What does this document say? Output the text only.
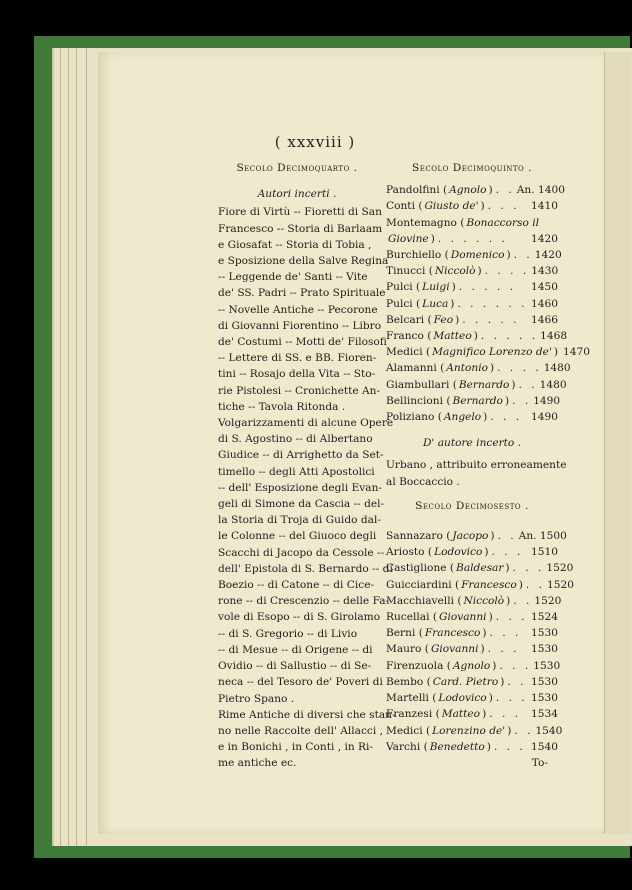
( xxxviii )
Secolo Decimoquarto .
Autori incerti .
Fiore di Virtù -- Fioretti di San
Francesco -- Storia di Barlaam
e Giosafat -- Storia di Tobia ,
e Sposizione della Salve Regina
-- Leggende de' Santi -- Vite
de' SS. Padri -- Prato Spirituale
-- Novelle Antiche -- Pecorone
di Giovanni Fiorentino -- Libro
de' Costumi -- Motti de' Filosofi
-- Lettere di SS. e BB. Fioren-
tini -- Rosajo della Vita -- Sto-
rie Pistolesi -- Cronichette An-
tiche -- Tavola Ritonda .
Volgarizzamenti di alcune Opere
di S. Agostino -- di Albertano
Giudice -- di Arrighetto da Set-
timello -- degli Atti Apostolici
-- dell' Esposizione degli Evan-
geli di Simone da Cascia -- del-
la Storia di Troja di Guido dal-
le Colonne -- del Giuoco degli
Scacchi di Jacopo da Cessole --
dell' Epistola di S. Bernardo -- di
Boezio -- di Catone -- di Cice-
rone -- di Crescenzio -- delle Fa-
vole di Esopo -- di S. Girolamo
-- di S. Gregorio -- di Livio
-- di Mesue -- di Origene -- di
Ovidio -- di Sallustio -- di Se-
neca -- del Tesoro de' Poveri di
Pietro Spano .
Rime Antiche di diversi che stan-
no nelle Raccolte dell' Allacci ,
e in Bonichi , in Conti , in Ri-
me antiche ec.
Secolo Decimoquinto .
Pandolfini ( Agnolo ) . . An. 1400
Conti ( Giusto de' ) . . .	1410
Montemagno ( Bonaccorso il
Giovine ) . . . . . .	1420
Burchiello ( Domenico ) . . 1420
Tinucci ( Niccolò ) . . . . 1430
Pulci ( Luigi ) . . . . .	1450
Pulci ( Luca ) . . . . . . 1460
Belcari ( Feo ) . . . . .	1466
Franco ( Matteo ) . . . . . 1468
Medici ( Magnifico Lorenzo de' ) 1470
Alamanni ( Antonio ) . . . . 1480
Giambullari ( Bernardo ) . . 1480
Bellincioni ( Bernardo ) . . 1490
Poliziano ( Angelo ) . . . 1490
D' autore incerto .
Urbano , attribuito erroneamente
al Boccaccio .
Secolo Decimosesto .
Sannazaro ( Jacopo ) . . An. 1500
Ariosto ( Lodovico ) . . . 1510
Castiglione ( Baldesar ) . . . 1520
Guicciardini ( Francesco ) . . 1520
Macchiavelli ( Niccolò ) . . 1520
Rucellai ( Giovanni ) . . . 1524
Berni ( Francesco ) . . . 1530
Mauro ( Giovanni ) . . .	1530
Firenzuola ( Agnolo ) . . . 1530
Bembo ( Card. Pietro ) . . 1530
Martelli ( Lodovico ) . . . 1530
Franzesi ( Matteo ) . . . 1534
Medici ( Lorenzino de' ) . . 1540
Varchi ( Benedetto ) . . . 1540
To-
